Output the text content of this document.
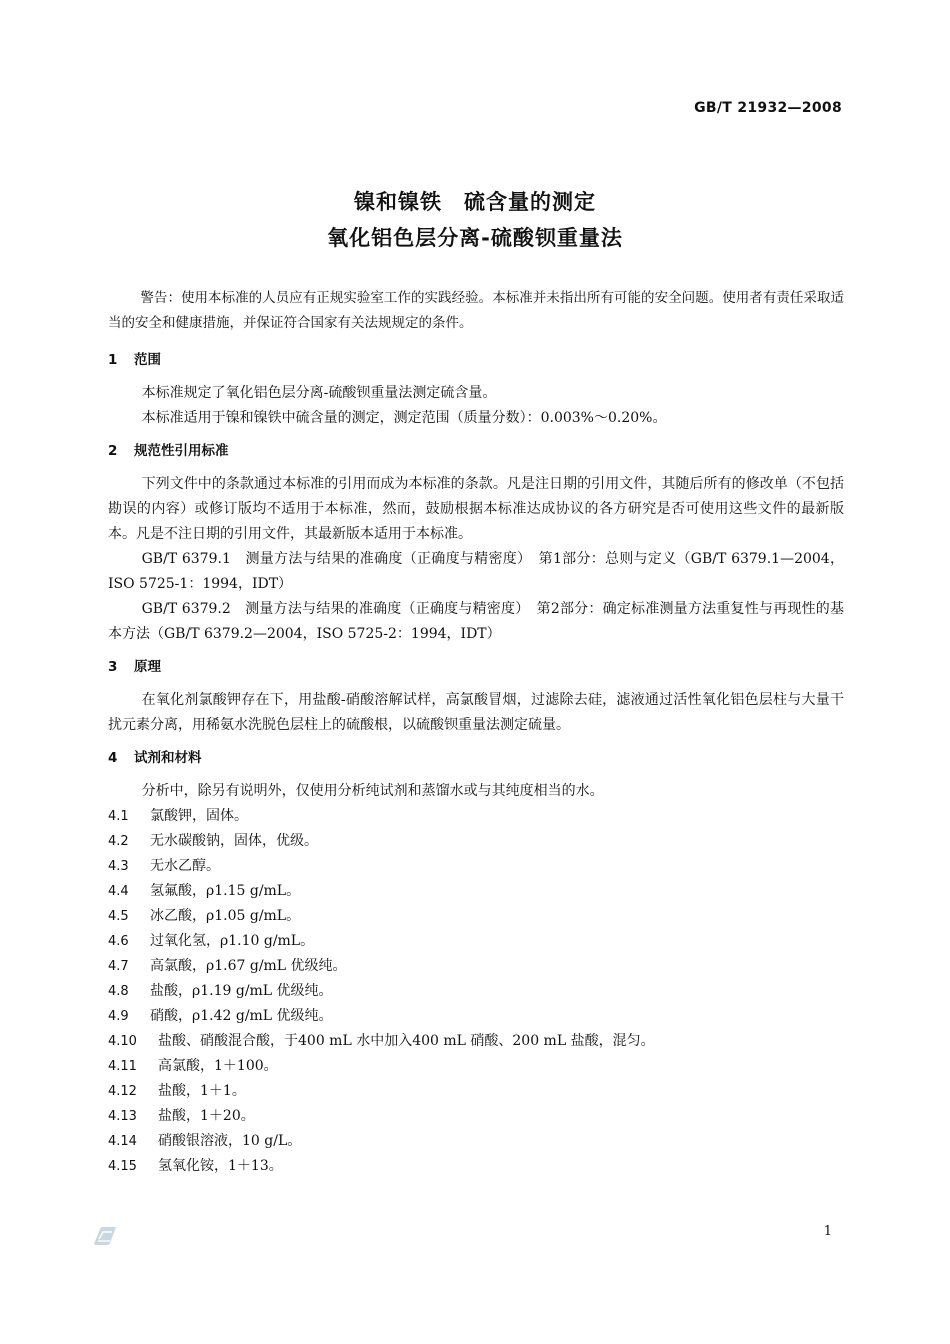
GB/T 21932—2008
镍和镍铁　硫含量的测定
氧化铝色层分离-硫酸钡重量法

警告：使用本标准的人员应有正规实验室工作的实践经验。本标准并未指出所有可能的安全问题。使用者有责任采取适当的安全和健康措施，并保证符合国家有关法规规定的条件。

1 范围

本标准规定了氧化铝色层分离-硫酸钡重量法测定硫含量。

本标准适用于镍和镍铁中硫含量的测定，测定范围（质量分数）：0.003%～0.20%。

2 规范性引用标准

下列文件中的条款通过本标准的引用而成为本标准的条款。凡是注日期的引用文件，其随后所有的修改单（不包括勘误的内容）或修订版均不适用于本标准，然而，鼓励根据本标准达成协议的各方研究是否可使用这些文件的最新版本。凡是不注日期的引用文件，其最新版本适用于本标准。

GB/T 6379.1　测量方法与结果的准确度（正确度与精密度）　第1部分：总则与定义（GB/T 6379.1—2004，ISO 5725-1：1994，IDT）

GB/T 6379.2　测量方法与结果的准确度（正确度与精密度）　第2部分：确定标准测量方法重复性与再现性的基本方法（GB/T 6379.2—2004，ISO 5725-2：1994，IDT）

3 原理

在氧化剂氯酸钾存在下，用盐酸-硝酸溶解试样，高氯酸冒烟，过滤除去硅，滤液通过活性氧化铝色层柱与大量干扰元素分离，用稀氨水洗脱色层柱上的硫酸根，以硫酸钡重量法测定硫量。

4 试剂和材料

分析中，除另有说明外，仅使用分析纯试剂和蒸馏水或与其纯度相当的水。

4.1 氯酸钾，固体。

4.2 无水碳酸钠，固体，优级。

4.3 无水乙醇。

4.4 氢氟酸，ρ1.15 g/mL。

4.5 冰乙酸，ρ1.05 g/mL。

4.6 过氧化氢，ρ1.10 g/mL。

4.7 高氯酸，ρ1.67 g/mL 优级纯。

4.8 盐酸，ρ1.19 g/mL 优级纯。

4.9 硝酸，ρ1.42 g/mL 优级纯。

4.10 盐酸、硝酸混合酸，于400 mL 水中加入400 mL 硝酸、200 mL 盐酸，混匀。

4.11 高氯酸，1＋100。

4.12 盐酸，1＋1。

4.13 盐酸，1＋20。

4.14 硝酸银溶液，10 g/L。

4.15 氢氧化铵，1＋13。

1
